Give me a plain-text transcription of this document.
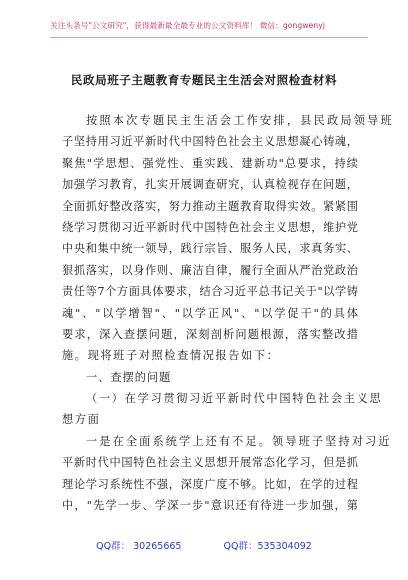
关注头条号"公文研究"，获得最新最全最专业的公文资料库！ 微信：gongwenyj
民政局班子主题教育专题民主生活会对照检查材料
按照本次专题民主生活会工作安排，县民政局领导班
子坚持用习近平新时代中国特色社会主义思想凝心铸魂，
聚焦"学思想、强党性、重实践、建新功"总要求，持续
加强学习教育，扎实开展调查研究，认真检视存在问题，
全面抓好整改落实，努力推动主题教育取得实效。紧紧围
绕学习贯彻习近平新时代中国特色社会主义思想，维护党
中央和集中统一领导，践行宗旨、服务人民，求真务实、
狠抓落实，以身作则、廉洁自律，履行全面从严治党政治
责任等7个方面具体要求，结合习近平总书记关于"以学铸
魂"、"以学增智"、"以学正风"、"以学促干"的具体
要求，深入查摆问题，深刻剖析问题根源，落实整改措
施。现将班子对照检查情况报告如下：
一、查摆的问题
（一）在学习贯彻习近平新时代中国特色社会主义思
想方面
一是在全面系统学上还有不足。领导班子坚持对习近
平新时代中国特色社会主义思想开展常态化学习，但是抓
理论学习系统性不强，深度广度不够。比如，在学的过程
中，"先学一步、学深一步"意识还有待进一步加强，第
QQ群： 30265665	QQ群：535304092
